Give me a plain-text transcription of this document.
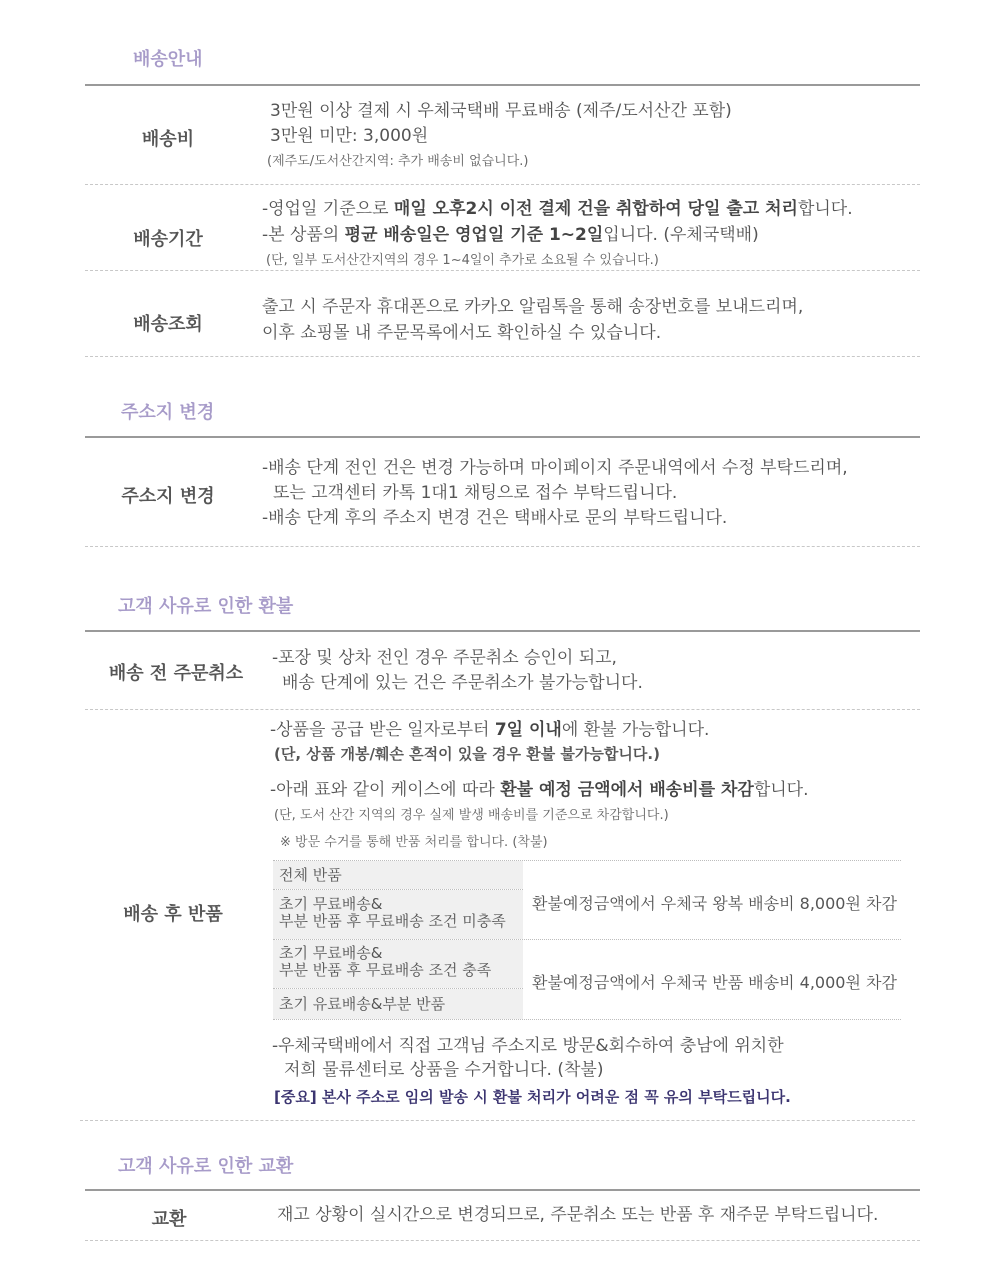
배송안내
배송비
3만원 이상 결제 시 우체국택배 무료배송 (제주/도서산간 포함)
3만원 미만: 3,000원
(제주도/도서산간지역: 추가 배송비 없습니다.)
배송기간
-영업일 기준으로 매일 오후2시 이전 결제 건을 취합하여 당일 출고 처리합니다.
-본 상품의 평균 배송일은 영업일 기준 1~2일입니다. (우체국택배)
(단, 일부 도서산간지역의 경우 1~4일이 추가로 소요될 수 있습니다.)
배송조회
출고 시 주문자 휴대폰으로 카카오 알림톡을 통해 송장번호를 보내드리며,
이후 쇼핑몰 내 주문목록에서도 확인하실 수 있습니다.
주소지 변경
주소지 변경
-배송 단계 전인 건은 변경 가능하며 마이페이지 주문내역에서 수정 부탁드리며,
또는 고객센터 카톡 1대1 채팅으로 접수 부탁드립니다.
-배송 단계 후의 주소지 변경 건은 택배사로 문의 부탁드립니다.
고객 사유로 인한 환불
배송 전 주문취소
-포장 및 상차 전인 경우 주문취소 승인이 되고,
배송 단계에 있는 건은 주문취소가 불가능합니다.
배송 후 반품
-상품을 공급 받은 일자로부터 7일 이내에 환불 가능합니다.
(단, 상품 개봉/훼손 흔적이 있을 경우 환불 불가능합니다.)
-아래 표와 같이 케이스에 따라 환불 예정 금액에서 배송비를 차감합니다.
(단, 도서 산간 지역의 경우 실제 발생 배송비를 기준으로 차감합니다.)
※ 방문 수거를 통해 반품 처리를 합니다. (착불)
전체 반품
초기 무료배송&
부분 반품 후 무료배송 조건 미충족
환불예정금액에서 우체국 왕복 배송비 8,000원 차감
초기 무료배송&
부분 반품 후 무료배송 조건 충족
초기 유료배송&부분 반품
환불예정금액에서 우체국 반품 배송비 4,000원 차감
-우체국택배에서 직접 고객님 주소지로 방문&회수하여 충남에 위치한
저희 물류센터로 상품을 수거합니다. (착불)
[중요] 본사 주소로 임의 발송 시 환불 처리가 어려운 점 꼭 유의 부탁드립니다.
고객 사유로 인한 교환
교환	재고 상황이 실시간으로 변경되므로, 주문취소 또는 반품 후 재주문 부탁드립니다.
